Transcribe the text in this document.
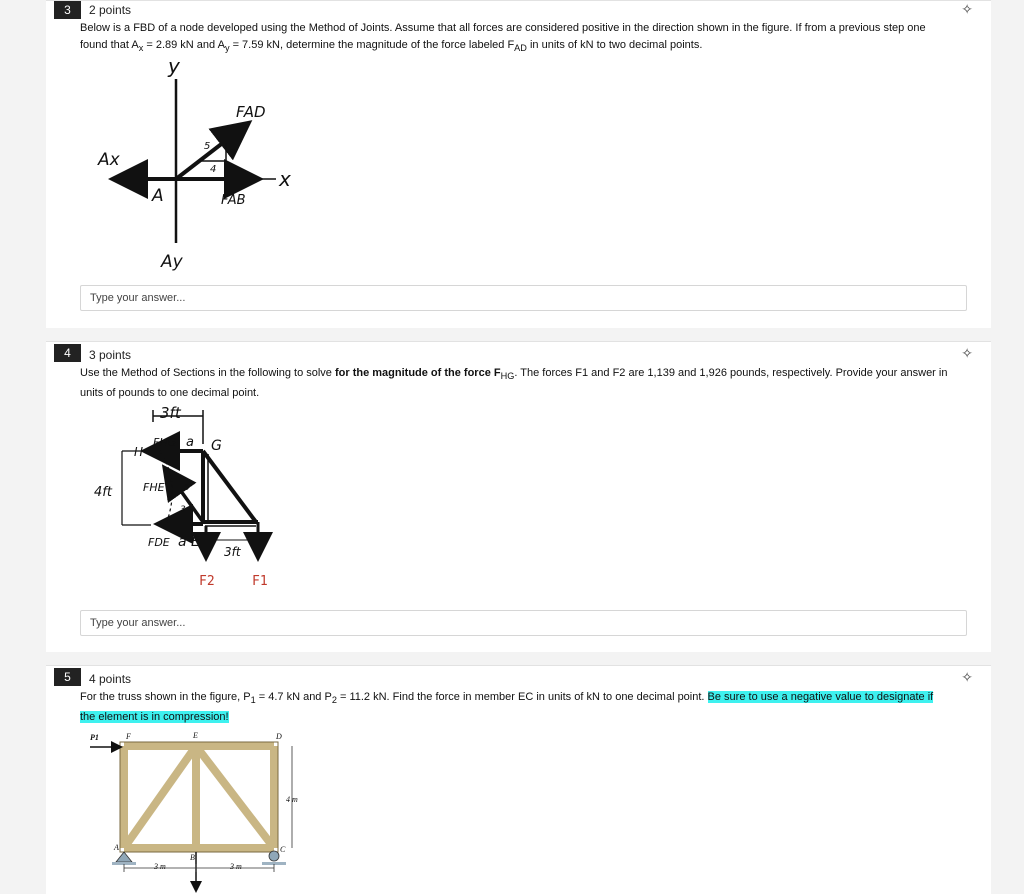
3	2 points	✧
Below is a FBD of a node developed using the Method of Joints. Assume that all forces are considered positive in the direction shown in the figure. If from a previous step one
found that $A_x = 2.89$ kN and $A_y = 7.59$ kN, determine the magnitude of the force labeled $F_{AD}$ in units of kN to two decimal points.
y
x
FAD
FAB
Ax
Ay
A
5
3
4
Type your answer...
4	3 points	✧
Use the Method of Sections in the following to solve for the magnitude of the force $F_{HG}$. The forces F1 and F2 are 1,139 and 1,926 pounds, respectively. Provide your answer in
units of pounds to one decimal point.
3ft
H
FHG a G
FHE 5
4
3
4ft
FDE a E
3ft
F2	F1
Type your answer...
5	4 points	✧
For the truss shown in the figure, $P_1 = 4.7$ kN and $P_2 = 11.2$ kN. Find the force in member EC in units of kN to one decimal point. Be sure to use a negative value to designate if
the element is in compression!
P1	F	E	D
A
B
C
4 m
3 m	3 m
